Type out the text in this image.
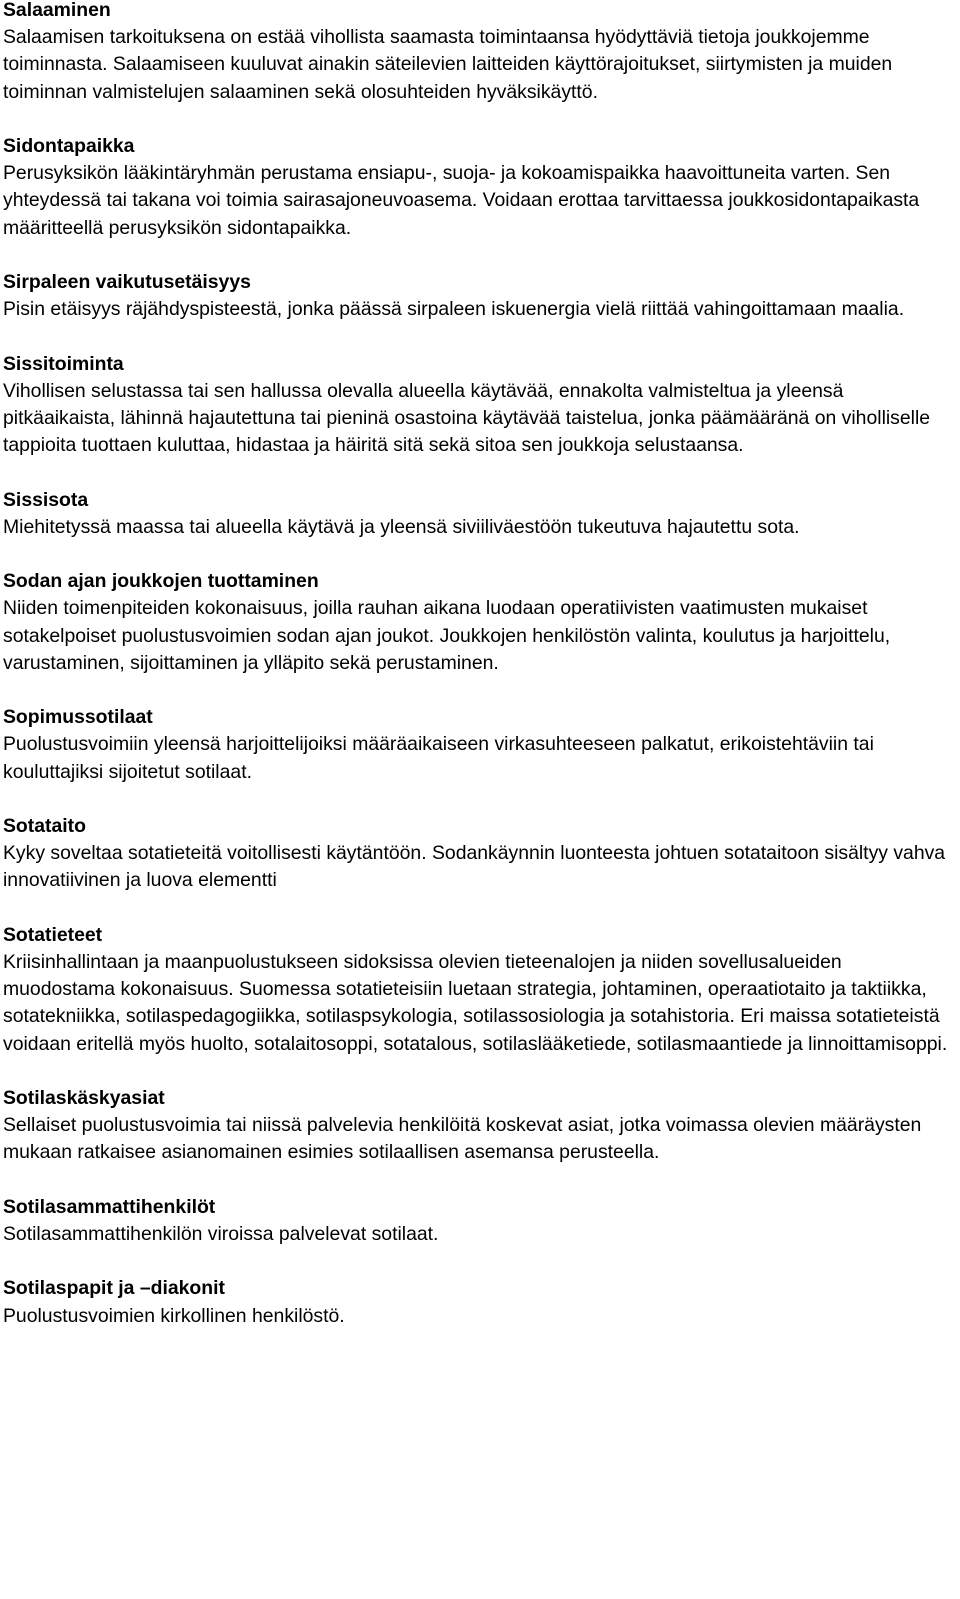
Salaaminen

Salaamisen tarkoituksena on estää vihollista saamasta toimintaansa hyödyttäviä tietoja joukkojemme toiminnasta. Salaamiseen kuuluvat ainakin säteilevien laitteiden käyttörajoitukset, siirtymisten ja muiden toiminnan valmistelujen salaaminen sekä olosuhteiden hyväksikäyttö.

Sidontapaikka

Perusyksikön lääkintäryhmän perustama ensiapu-, suoja- ja kokoamispaikka haavoittuneita varten. Sen yhteydessä tai takana voi toimia sairasajoneuvoasema. Voidaan erottaa tarvittaessa joukkosidontapaikasta määritteellä perusyksikön sidontapaikka.

Sirpaleen vaikutusetäisyys

Pisin etäisyys räjähdyspisteestä, jonka päässä sirpaleen iskuenergia vielä riittää vahingoittamaan maalia.

Sissitoiminta

Vihollisen selustassa tai sen hallussa olevalla alueella käytävää, ennakolta valmisteltua ja yleensä pitkäaikaista, lähinnä hajautettuna tai pieninä osastoina käytävää taistelua, jonka päämääränä on viholliselle tappioita tuottaen kuluttaa, hidastaa ja häiritä sitä sekä sitoa sen joukkoja selustaansa.

Sissisota

Miehitetyssä maassa tai alueella käytävä ja yleensä siviiliväestöön tukeutuva hajautettu sota.

Sodan ajan joukkojen tuottaminen

Niiden toimenpiteiden kokonaisuus, joilla rauhan aikana luodaan operatiivisten vaatimusten mukaiset sotakelpoiset puolustusvoimien sodan ajan joukot. Joukkojen henkilöstön valinta, koulutus ja harjoittelu, varustaminen, sijoittaminen ja ylläpito sekä perustaminen.

Sopimussotilaat

Puolustusvoimiin yleensä harjoittelijoiksi määräaikaiseen virkasuhteeseen palkatut, erikoistehtäviin tai kouluttajiksi sijoitetut sotilaat.

Sotataito

Kyky soveltaa sotatieteitä voitollisesti käytäntöön. Sodankäynnin luonteesta johtuen sotataitoon sisältyy vahva innovatiivinen ja luova elementti

Sotatieteet

Kriisinhallintaan ja maanpuolustukseen sidoksissa olevien tieteenalojen ja niiden sovellusalueiden muodostama kokonaisuus. Suomessa sotatieteisiin luetaan strategia, johtaminen, operaatiotaito ja taktiikka, sotatekniikka, sotilaspedagogiikka, sotilaspsykologia, sotilassosiologia ja sotahistoria. Eri maissa sotatieteistä voidaan eritellä myös huolto, sotalaitosoppi, sotatalous, sotilaslääketiede, sotilasmaantiede ja linnoittamisoppi.

Sotilaskäskyasiat

Sellaiset puolustusvoimia tai niissä palvelevia henkilöitä koskevat asiat, jotka voimassa olevien määräysten mukaan ratkaisee asianomainen esimies sotilaallisen asemansa perusteella.

Sotilasammattihenkilöt

Sotilasammattihenkilön viroissa palvelevat sotilaat.

Sotilaspapit ja –diakonit

Puolustusvoimien kirkollinen henkilöstö.
